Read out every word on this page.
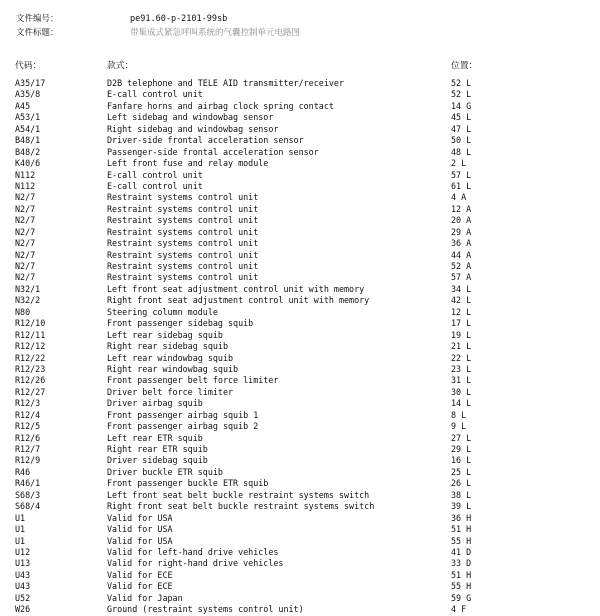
文件编号：	pe91.60-p-2101-99sb
文件标题：	带集成式紧急呼叫系统的气囊控制单元电路图
代码：	款式：	位置：
A35/17	D2B telephone and TELE AID transmitter/receiver	52 L
A35/8	E-call control unit	52 L
A45	Fanfare horns and airbag clock spring contact	14 G
A53/1	Left sidebag and windowbag sensor	45 L
A54/1	Right sidebag and windowbag sensor	47 L
B48/1	Driver-side frontal acceleration sensor	50 L
B48/2	Passenger-side frontal acceleration sensor	48 L
K40/6	Left front fuse and relay module	2 L
N112	E-call control unit	57 L
N112	E-call control unit	61 L
N2/7	Restraint systems control unit	4 A
N2/7	Restraint systems control unit	12 A
N2/7	Restraint systems control unit	20 A
N2/7	Restraint systems control unit	29 A
N2/7	Restraint systems control unit	36 A
N2/7	Restraint systems control unit	44 A
N2/7	Restraint systems control unit	52 A
N2/7	Restraint systems control unit	57 A
N32/1	Left front seat adjustment control unit with memory	34 L
N32/2	Right front seat adjustment control unit with memory	42 L
N80	Steering column module	12 L
R12/10	Front passenger sidebag squib	17 L
R12/11	Left rear sidebag squib	19 L
R12/12	Right rear sidebag squib	21 L
R12/22	Left rear windowbag squib	22 L
R12/23	Right rear windowbag squib	23 L
R12/26	Front passenger belt force limiter	31 L
R12/27	Driver belt force limiter	30 L
R12/3	Driver airbag squib	14 L
R12/4	Front passenger airbag squib 1	8 L
R12/5	Front passenger airbag squib 2	9 L
R12/6	Left rear ETR squib	27 L
R12/7	Right rear ETR squib	29 L
R12/9	Driver sidebag squib	16 L
R46	Driver buckle ETR squib	25 L
R46/1	Front passenger buckle ETR squib	26 L
S68/3	Left front seat belt buckle restraint systems switch	38 L
S68/4	Right front seat belt buckle restraint systems switch	39 L
U1	Valid for USA	36 H
U1	Valid for USA	51 H
U1	Valid for USA	55 H
U12	Valid for left-hand drive vehicles	41 D
U13	Valid for right-hand drive vehicles	33 D
U43	Valid for ECE	51 H
U43	Valid for ECE	55 H
U52	Valid for Japan	59 G
W26	Ground (restraint systems control unit)	4 F
